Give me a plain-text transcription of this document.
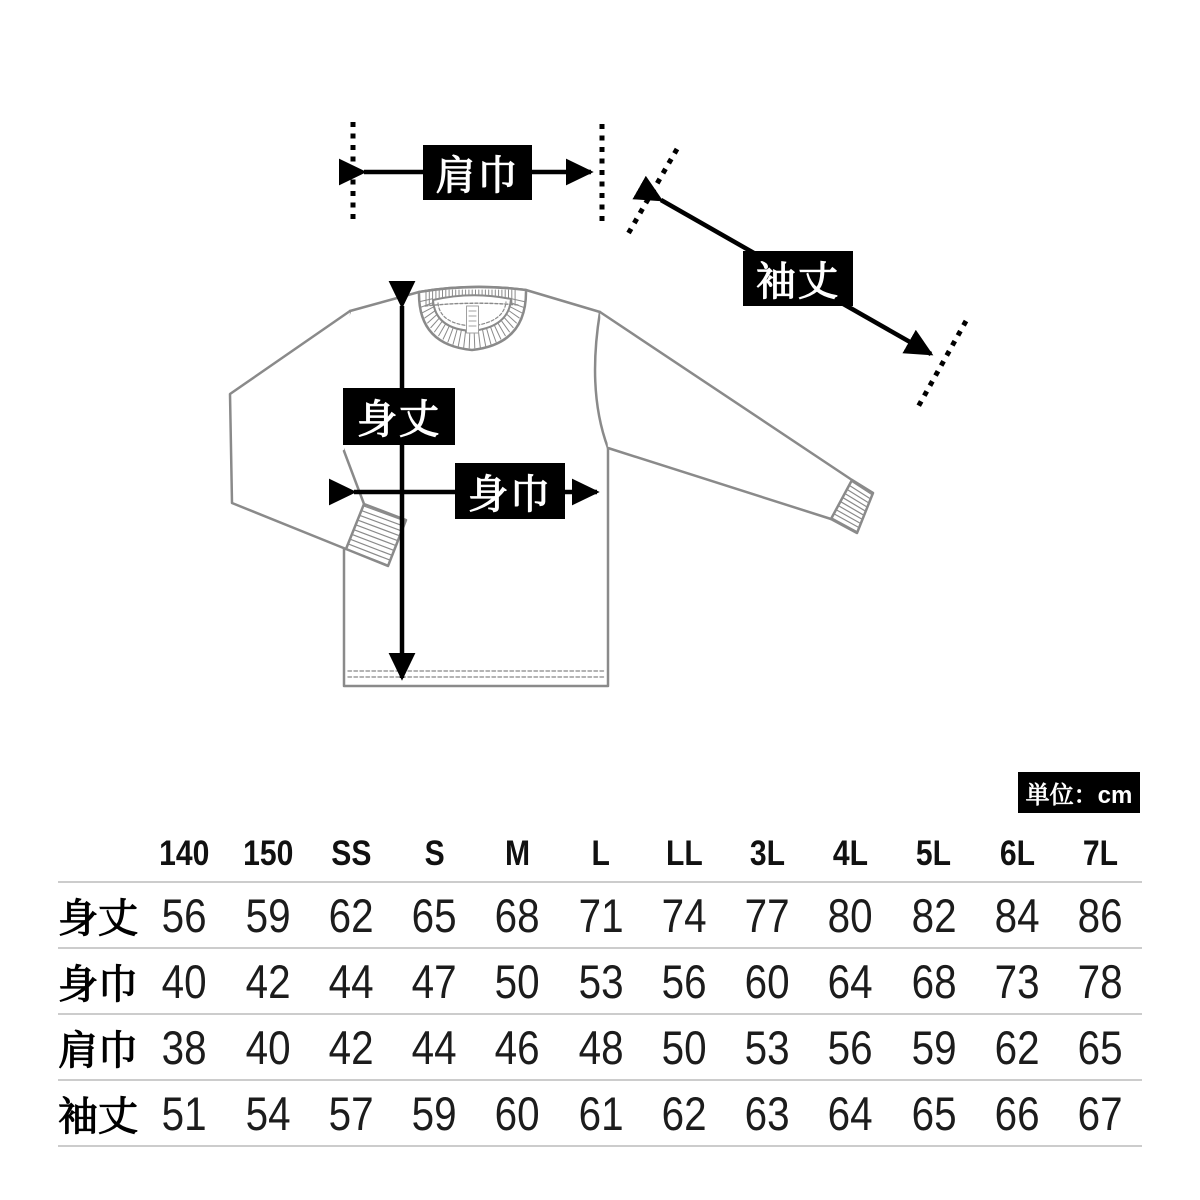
肩巾
袖丈
身丈
身巾
単位：cm
140 150 SS S M L LL 3L 4L 5L 6L 7L
身丈 56 59 62 65 68 71 74 77 80 82 84 86
身巾 40 42 44 47 50 53 56 60 64 68 73 78
肩巾 38 40 42 44 46 48 50 53 56 59 62 65
袖丈 51 54 57 59 60 61 62 63 64 65 66 67
